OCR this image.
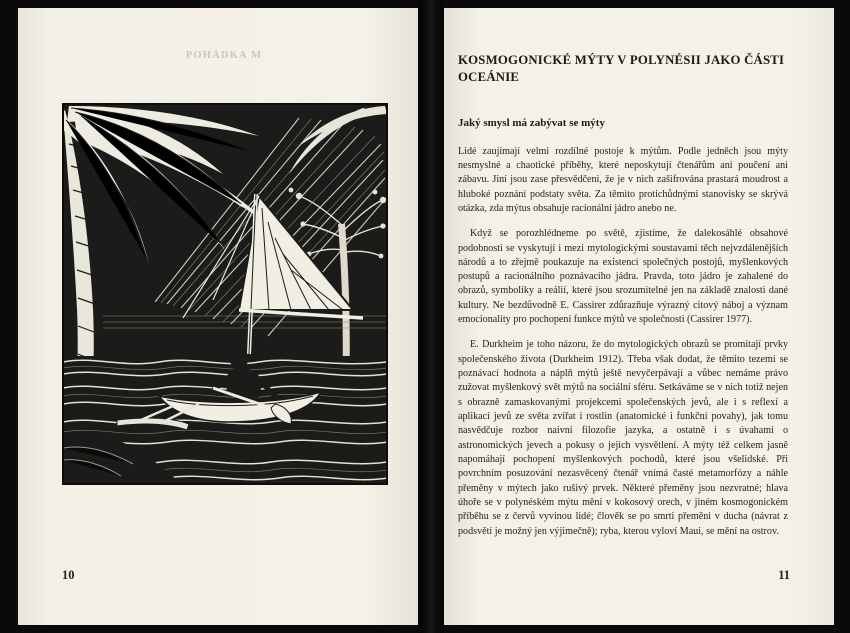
POHÁDKA M
10
KOSMOGONICKÉ MÝTY V POLYNÉSII JAKO ČÁSTI OCEÁNIE
Jaký smysl má zabývat se mýty

Lidé zaujímají velmi rozdílné postoje k mýtům. Podle jedněch jsou mýty nesmyslné a chaotické příběhy, které neposkytují čtenářům ani poučení ani zábavu. Jiní jsou zase přesvědčeni, že je v nich zašifrována prastará moudrost a hluboké poznání podstaty světa. Za těmito protichůdnými stanovisky se skrývá otázka, zda mýtus obsahuje racionální jádro anebo ne.

Když se porozhlédneme po světě, zjistíme, že dalekosáhlé obsahové podobnosti se vyskytují i mezi mytologickými soustavami těch nejvzdálenějších národů a to zřejmě poukazuje na existenci společných postojů, myšlenkových postupů a racionálního poznávacího jádra. Pravda, toto jádro je zahalené do obrazů, symboliky a reálií, které jsou srozumitelné jen na základě znalosti dané kultury. Ne bezdůvodně E. Cassirer zdůrazňuje výrazný citový náboj a význam emocionality pro pochopení funkce mýtů ve společnosti (Cassirer 1977).

E. Durkheim je toho názoru, že do mytologických obrazů se promítají prvky společenského života (Durkheim 1912). Třeba však dodat, že těmito tezemi se poznávací hodnota a náplň mýtů ještě nevyčerpávají a vůbec nemáme právo zužovat myšlenkový svět mýtů na sociální sféru. Setkáváme se v nich totiž nejen s obrazně zamaskovanými projekcemi společenských jevů, ale i s reflexí a aplikací jevů ze světa zvířat i rostlin (anatomické i funkční povahy), jak tomu nasvědčuje rozbor naivní filozofie jazyka, a ostatně i s úvahami o astronomických jevech a pokusy o jejich vysvětlení. A mýty též celkem jasně napomáhají pochopení myšlenkových pochodů, které jsou všelidské. Při povrchním posuzování nezasvěcený čtenář vnímá časté metamorfózy a náhle přeměny v mýtech jako rušivý prvek. Některé přeměny jsou nezvratné; hlava úhoře se v polynéském mýtu mění v kokosový orech, v jiném kosmogonickém příběhu se z červů vyvinou lidé; člověk se po smrti přeměni v ducha (návrat z podsvětí je možný jen výjimečně); ryba, kterou vyloví Maui, se mění na ostrov.

11
